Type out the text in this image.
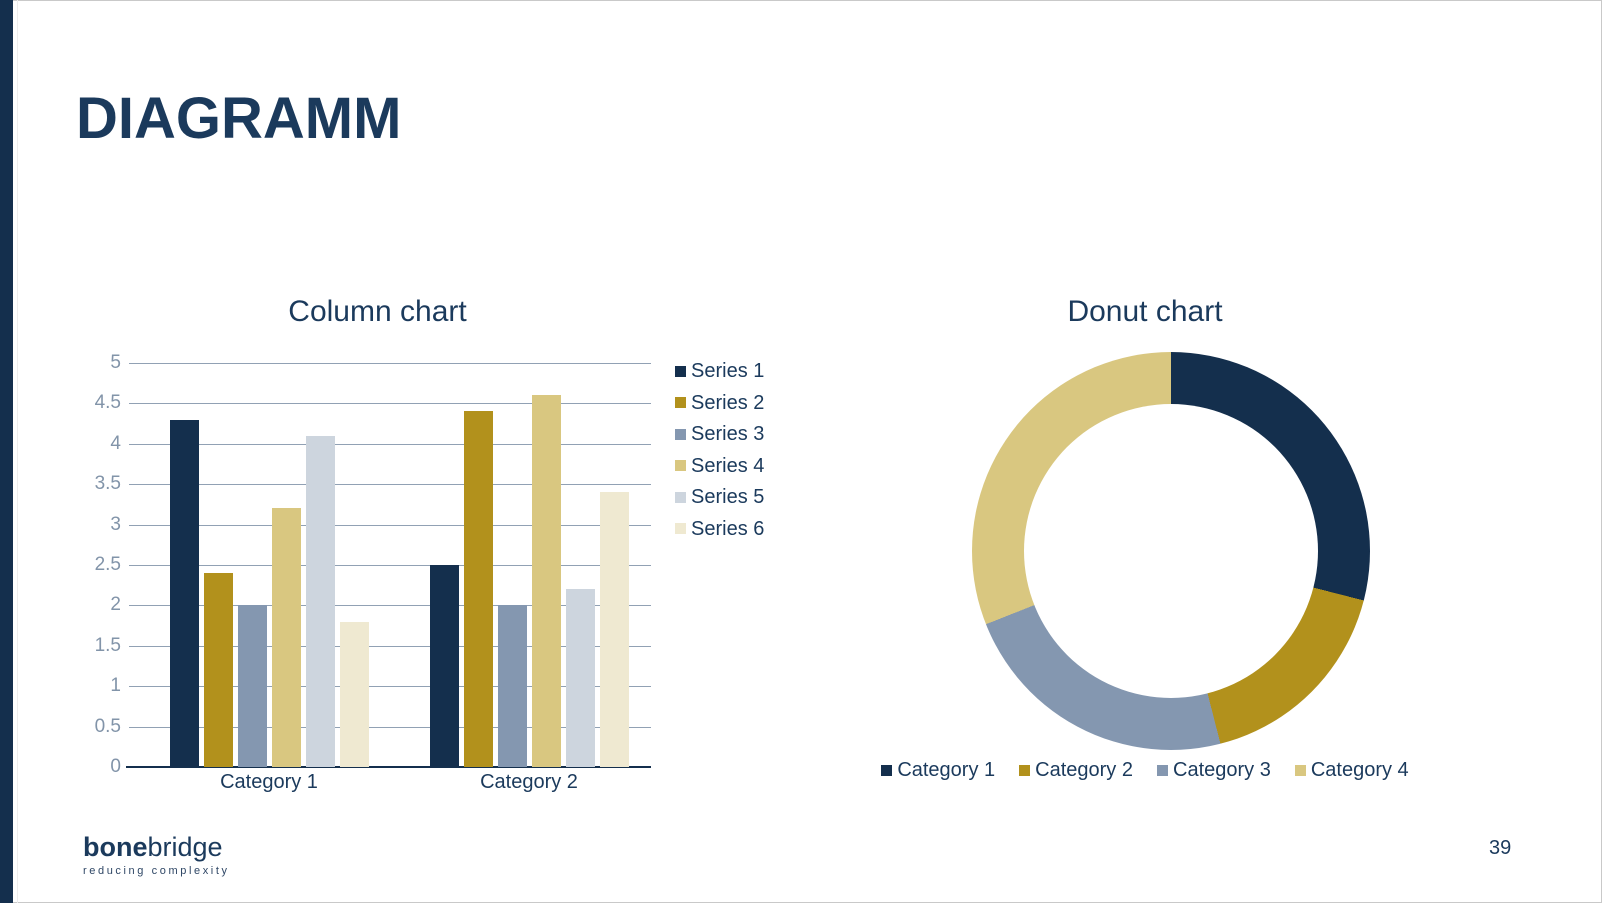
DIAGRAMM
Column chart
0
0.5
1
1.5
2
2.5
3
3.5
4
4.5
5
Category 1	Category 2
Series 1
Series 2
Series 3
Series 4
Series 5
Series 6
Donut chart
Category 1 Category 2 Category 3 Category 4
bonebridge
reducing complexity
39
